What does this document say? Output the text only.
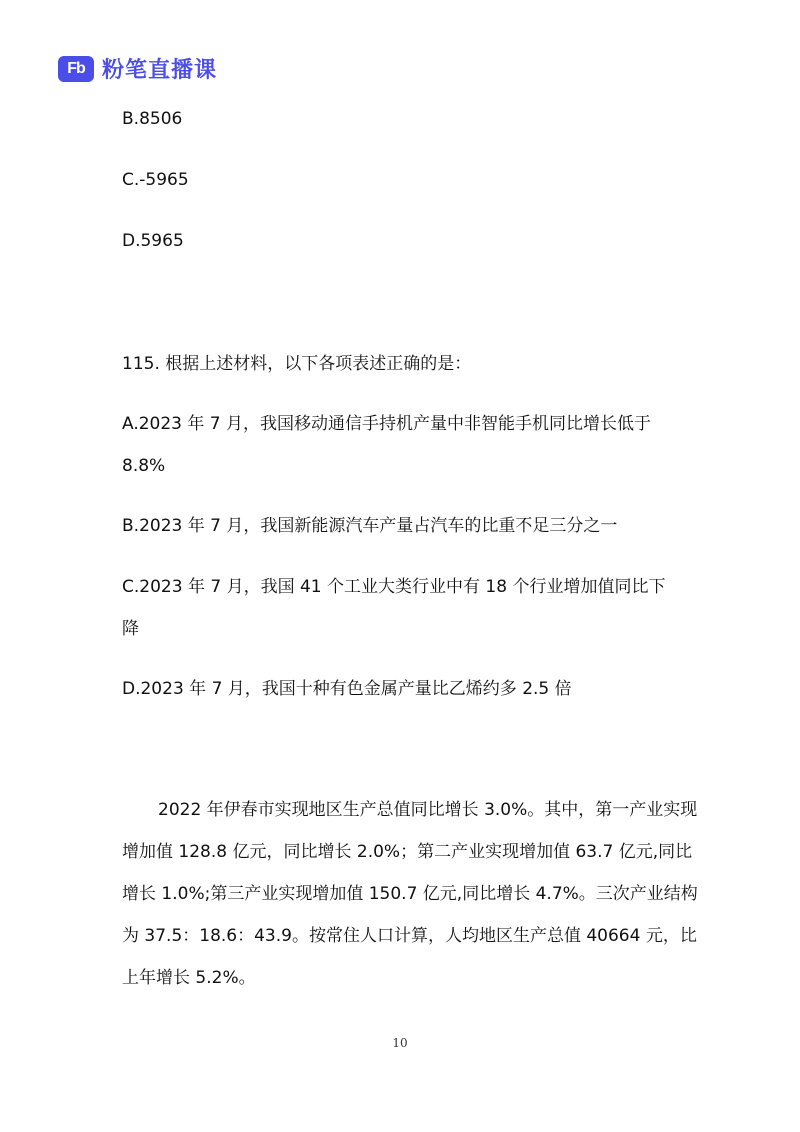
Fb 粉笔直播课
B.8506
C.-5965
D.5965
115. 根据上述材料，以下各项表述正确的是：
A.2023 年 7 月，我国移动通信手持机产量中非智能手机同比增长低于
8.8%
B.2023 年 7 月，我国新能源汽车产量占汽车的比重不足三分之一
C.2023 年 7 月，我国 41 个工业大类行业中有 18 个行业增加值同比下
降
D.2023 年 7 月，我国十种有色金属产量比乙烯约多 2.5 倍
2022 年伊春市实现地区生产总值同比增长 3.0%。其中，第一产业实现增加值 128.8 亿元，同比增长 2.0%；第二产业实现增加值 63.7 亿元,同比增长 1.0%;第三产业实现增加值 150.7 亿元,同比增长 4.7%。三次产业结构为 37.5：18.6：43.9。按常住人口计算，人均地区生产总值 40664 元，比上年增长 5.2%。
10
